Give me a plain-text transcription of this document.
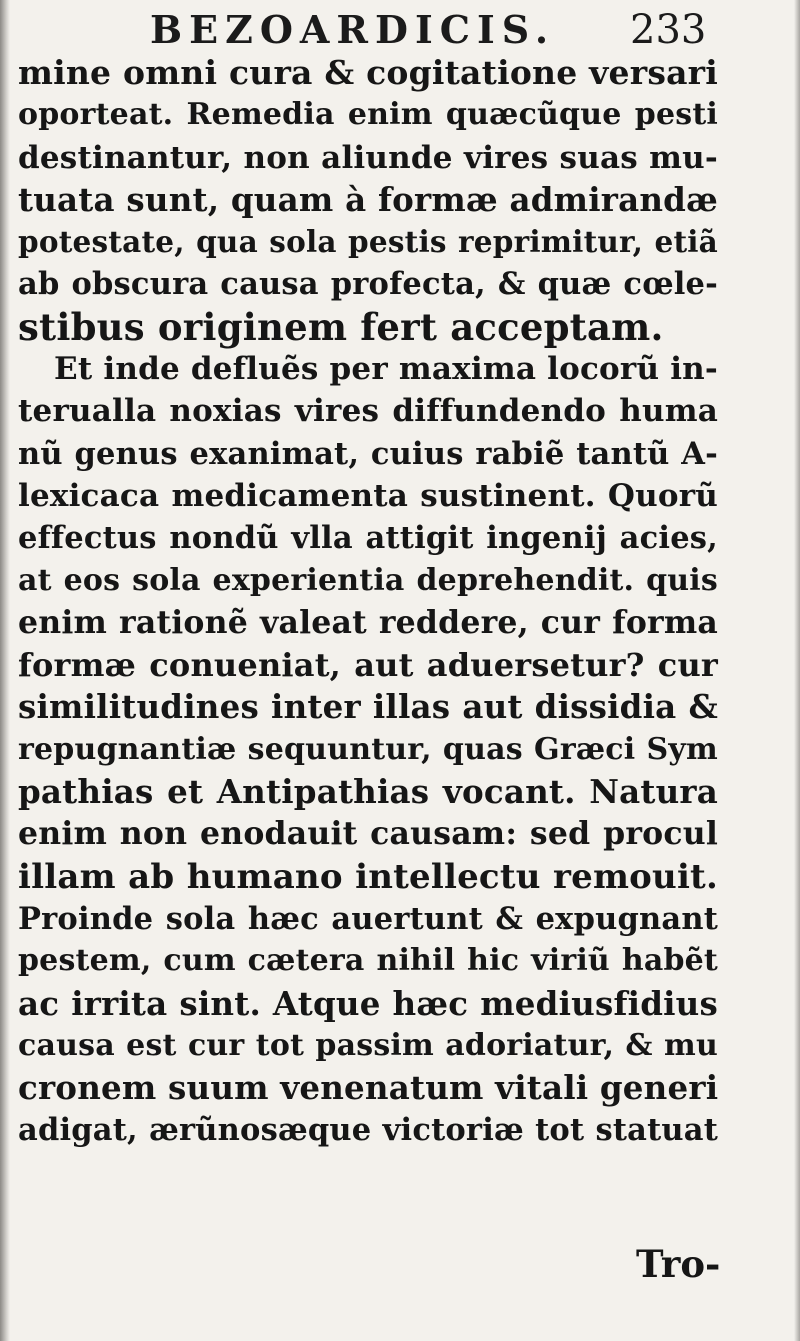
BEZOARDICIS. 233
mine omni cura & cogitatione versari
oporteat. Remedia enim quæcũque pesti
destinantur, non aliunde vires suas mu-
tuata sunt, quam à formæ admirandæ
potestate, qua sola pestis reprimitur, etiã
ab obscura causa profecta, & quæ cœle-
stibus originem fert acceptam.
Et inde defluẽs per maxima locorũ in-
terualla noxias vires diffundendo huma
nũ genus exanimat, cuius rabiẽ tantũ A-
lexicaca medicamenta sustinent. Quorũ
effectus nondũ vlla attigit ingenij acies,
at eos sola experientia deprehendit. quis
enim rationẽ valeat reddere, cur forma
formæ conueniat, aut aduersetur? cur
similitudines inter illas aut dissidia &
repugnantiæ sequuntur, quas Græci Sym
pathias et Antipathias vocant. Natura
enim non enodauit causam: sed procul
illam ab humano intellectu remouit.
Proinde sola hæc auertunt & expugnant
pestem, cum cætera nihil hic viriũ habẽt
ac irrita sint. Atque hæc mediusfidius
causa est cur tot passim adoriatur, & mu
cronem suum venenatum vitali generi
adigat, ærũnosæque victoriæ tot statuat
Tro-
